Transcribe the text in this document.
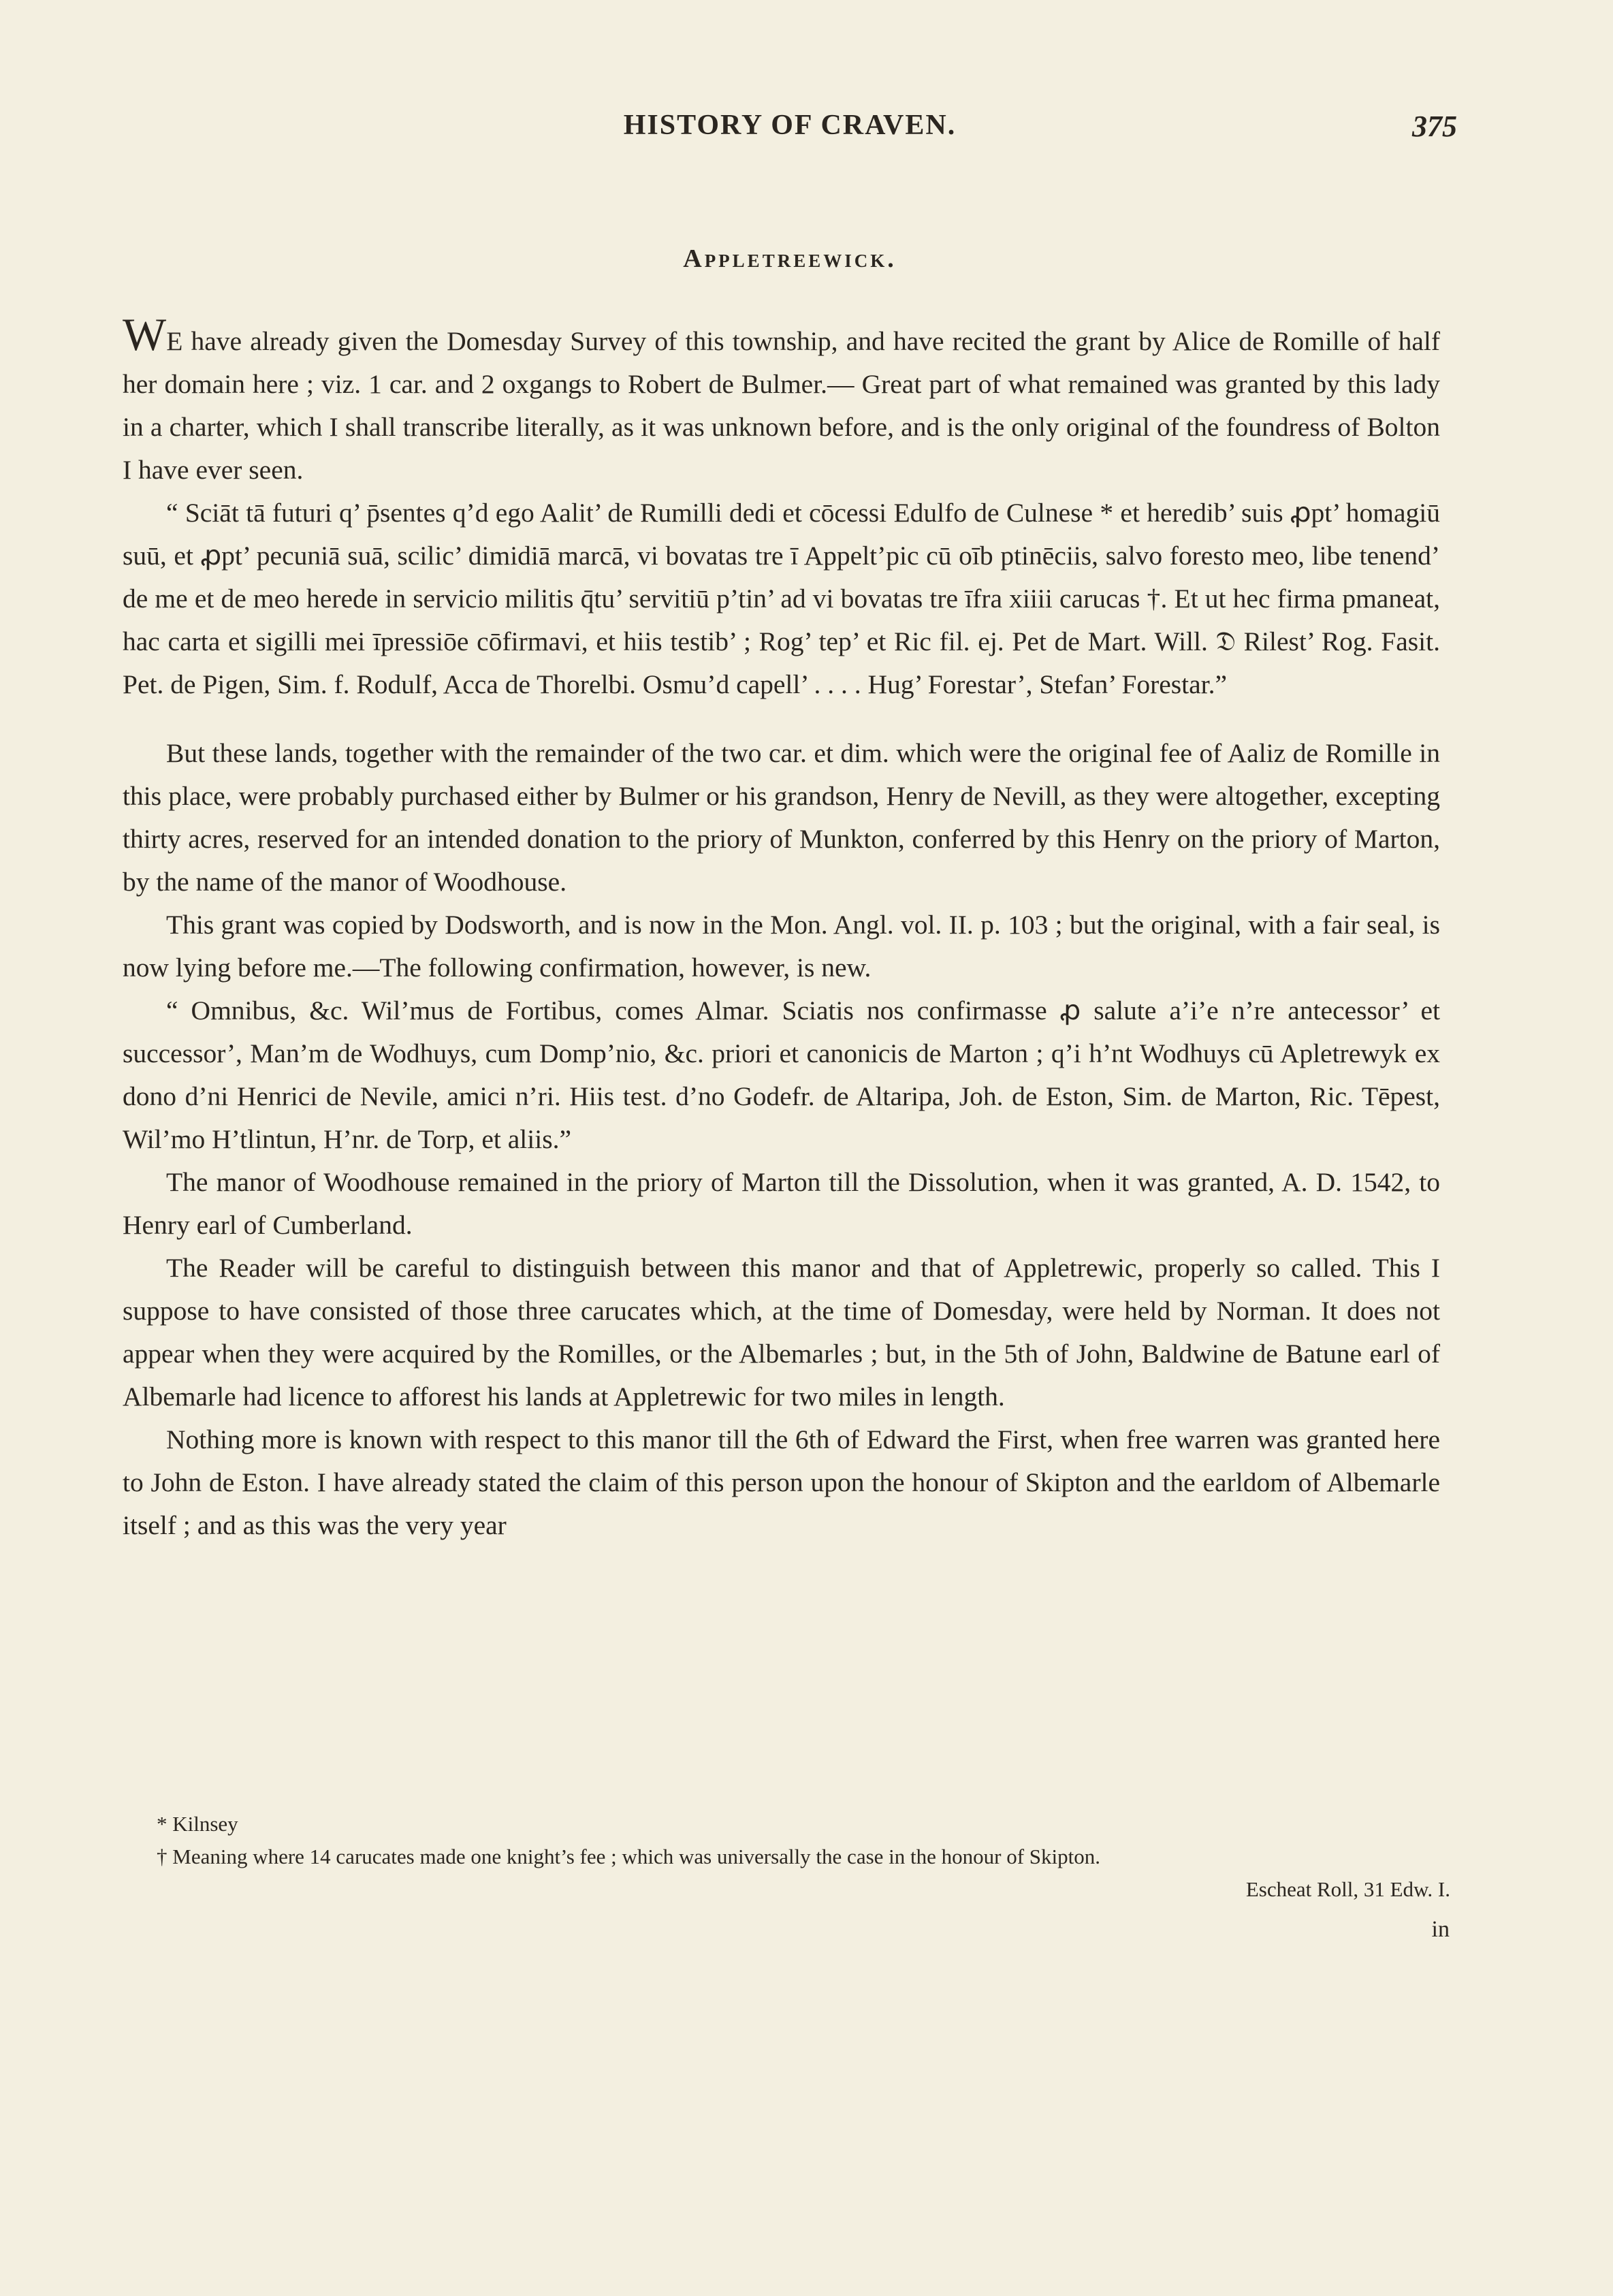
HISTORY OF CRAVEN.	375
Appletreewick.

WE have already given the Domesday Survey of this township, and have recited the grant by Alice de Romille of half her domain here ; viz. 1 car. and 2 oxgangs to Robert de Bulmer.— Great part of what remained was granted by this lady in a charter, which I shall transcribe literally, as it was unknown before, and is the only original of the foundress of Bolton I have ever seen.

“ Sciāt tā futuri q’ p̄sentes q’d ego Aalit’ de Rumilli dedi et cōcessi Edulfo de Culnese * et heredib’ suis ꝓpt’ homagiū suū, et ꝓpt’ pecuniā suā, scilic’ dimidiā marcā, vi bovatas tre ī Appelt’pic cū oīb ptinēciis, salvo foresto meo, libe tenend’ de me et de meo herede in servicio militis q̄tu’ servitiū p’tin’ ad vi bovatas tre īfra xiiii carucas †. Et ut hec firma pmaneat, hac carta et sigilli mei īpressiōe cōfirmavi, et hiis testib’ ; Rog’ tep’ et Ric fil. ej. Pet de Mart. Will. 𝔇 Rilest’ Rog. Fasit. Pet. de Pigen, Sim. f. Rodulf, Acca de Thorelbi. Osmu’d capell’ . . . . Hug’ Forestar’, Stefan’ Forestar.”

But these lands, together with the remainder of the two car. et dim. which were the original fee of Aaliz de Romille in this place, were probably purchased either by Bulmer or his grandson, Henry de Nevill, as they were altogether, excepting thirty acres, reserved for an intended donation to the priory of Munkton, conferred by this Henry on the priory of Marton, by the name of the manor of Woodhouse.

This grant was copied by Dodsworth, and is now in the Mon. Angl. vol. II. p. 103 ; but the original, with a fair seal, is now lying before me.—The following confirmation, however, is new.

“ Omnibus, &c. Wil’mus de Fortibus, comes Almar. Sciatis nos confirmasse ꝓ salute a’i’e n’re antecessor’ et successor’, Man’m de Wodhuys, cum Domp’nio, &c. priori et canonicis de Marton ; q’i h’nt Wodhuys cū Apletrewyk ex dono d’ni Henrici de Nevile, amici n’ri. Hiis test. d’no Godefr. de Altaripa, Joh. de Eston, Sim. de Marton, Ric. Tēpest, Wil’mo H’tlintun, H’nr. de Torp, et aliis.”

The manor of Woodhouse remained in the priory of Marton till the Dissolution, when it was granted, A. D. 1542, to Henry earl of Cumberland.

The Reader will be careful to distinguish between this manor and that of Appletrewic, properly so called. This I suppose to have consisted of those three carucates which, at the time of Domesday, were held by Norman. It does not appear when they were acquired by the Romilles, or the Albemarles ; but, in the 5th of John, Baldwine de Batune earl of Albemarle had licence to afforest his lands at Appletrewic for two miles in length.

Nothing more is known with respect to this manor till the 6th of Edward the First, when free warren was granted here to John de Eston. I have already stated the claim of this person upon the honour of Skipton and the earldom of Albemarle itself ; and as this was the very year

* Kilnsey

† Meaning where 14 carucates made one knight’s fee ; which was universally the case in the honour of Skipton.

Escheat Roll, 31 Edw. I.

in
